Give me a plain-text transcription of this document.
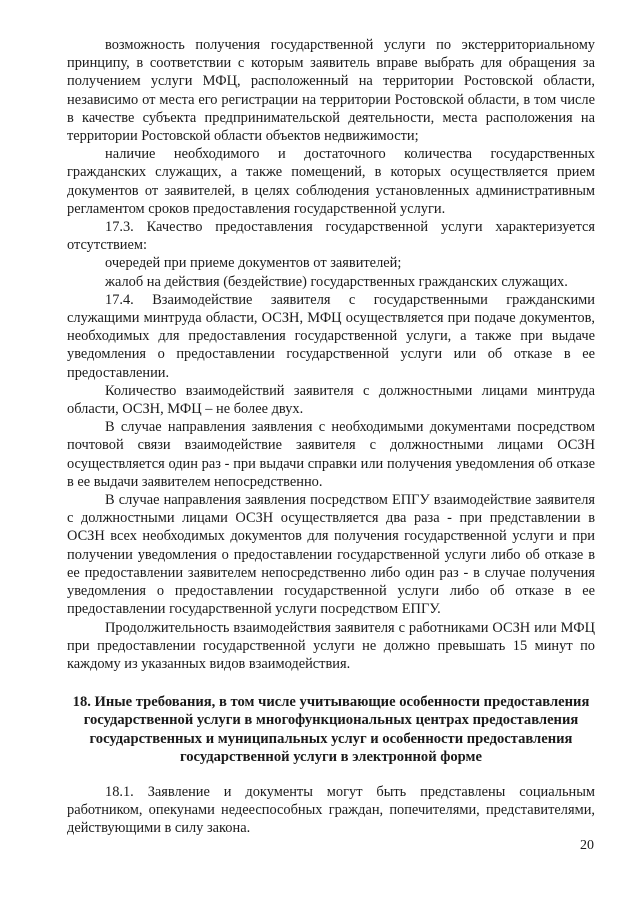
возможность получения государственной услуги по экстерриториальному принципу, в соответствии с которым заявитель вправе выбрать для обращения за получением услуги МФЦ, расположенный на территории Ростовской области, независимо от места его регистрации на территории Ростовской области, в том числе в качестве субъекта предпринимательской деятельности, места расположения на территории Ростовской области объектов недвижимости;

наличие необходимого и достаточного количества государственных гражданских служащих, а также помещений, в которых осуществляется прием документов от заявителей, в целях соблюдения установленных административным регламентом сроков предоставления государственной услуги.

17.3. Качество предоставления государственной услуги характеризуется отсутствием:

очередей при приеме документов от заявителей;

жалоб на действия (бездействие) государственных гражданских служащих.

17.4. Взаимодействие заявителя с государственными гражданскими служащими минтруда области, ОСЗН, МФЦ осуществляется при подаче документов, необходимых для предоставления государственной услуги, а также при выдаче уведомления о предоставлении государственной услуги или об отказе в ее предоставлении.

Количество взаимодействий заявителя с должностными лицами минтруда области, ОСЗН, МФЦ – не более двух.

В случае направления заявления с необходимыми документами посредством почтовой связи взаимодействие заявителя с должностными лицами ОСЗН осуществляется один раз - при выдачи справки или получения уведомления об отказе в ее выдачи заявителем непосредственно.

В случае направления заявления посредством ЕПГУ взаимодействие заявителя с должностными лицами ОСЗН осуществляется два раза - при представлении в ОСЗН всех необходимых документов для получения государственной услуги и при получении уведомления о предоставлении государственной услуги либо об отказе в ее предоставлении заявителем непосредственно либо один раз - в случае получения уведомления о предоставлении государственной услуги либо об отказе в ее предоставлении государственной услуги посредством ЕПГУ.

Продолжительность взаимодействия заявителя с работниками ОСЗН или МФЦ при предоставлении государственной услуги не должно превышать 15 минут по каждому из указанных видов взаимодействия.

18. Иные требования, в том числе учитывающие особенности предоставления государственной услуги в многофункциональных центрах предоставления государственных и муниципальных услуг и особенности предоставления государственной услуги в электронной форме

18.1. Заявление и документы могут быть представлены социальным работником, опекунами недееспособных граждан, попечителями, представителями, действующими в силу закона.

20
